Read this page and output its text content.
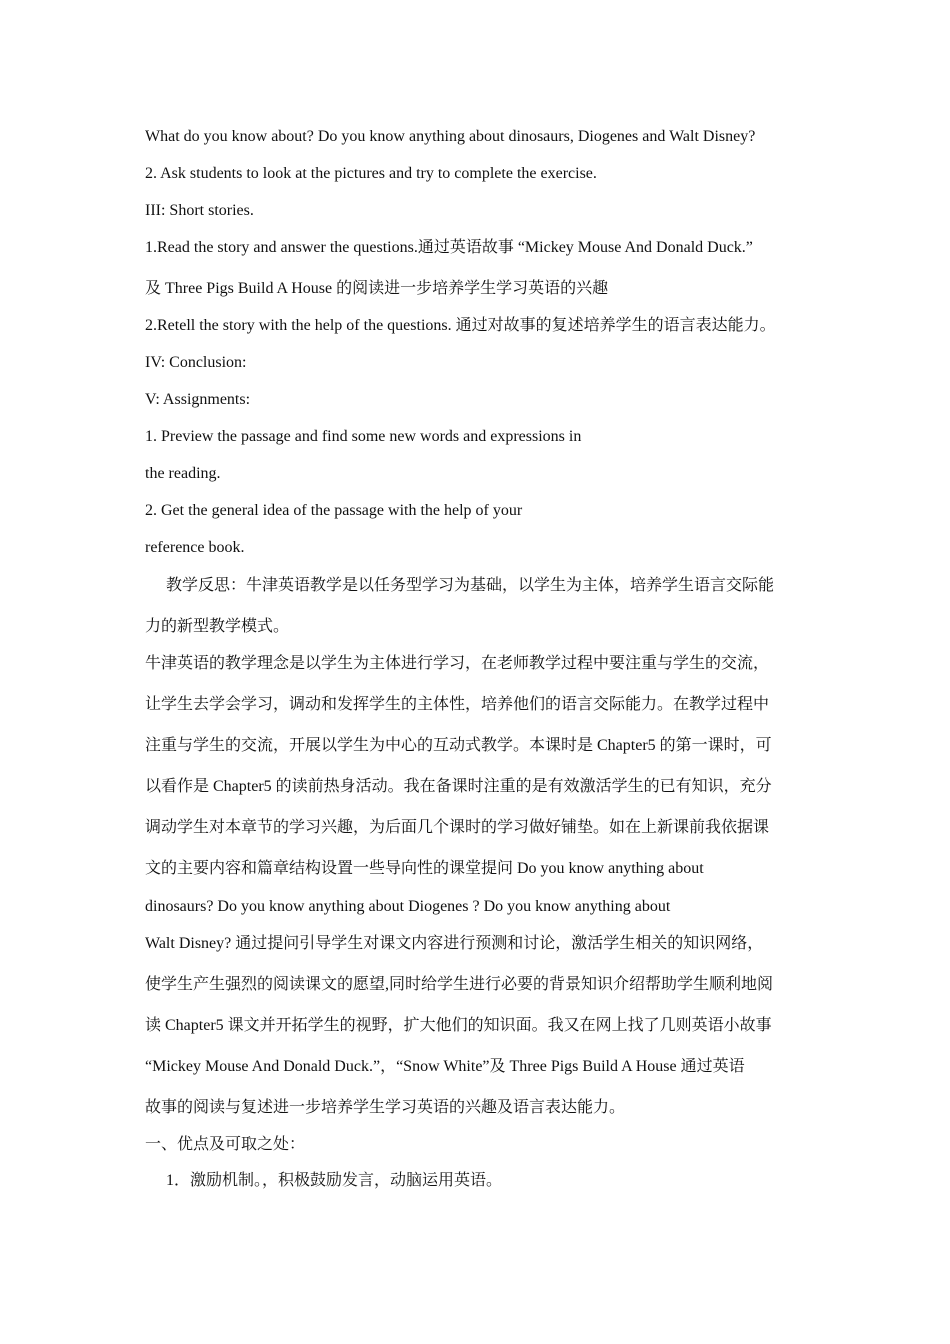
What do you know about? Do you know anything about dinosaurs, Diogenes and Walt Disney?
2. Ask students to look at the pictures and try to complete the exercise.
III: Short stories.
1.Read the story and answer the questions.通过英语故事 “Mickey Mouse And Donald Duck.”
及 Three Pigs Build A House 的阅读进一步培养学生学习英语的兴趣
2.Retell the story with the help of the questions. 通过对故事的复述培养学生的语言表达能力。
IV: Conclusion:
V: Assignments:
1. Preview the passage and find some new words and expressions in
the reading.
2. Get the general idea of the passage with the help of your
reference book.
教学反思：牛津英语教学是以任务型学习为基础，以学生为主体，培养学生语言交际能
力的新型教学模式。
牛津英语的教学理念是以学生为主体进行学习，在老师教学过程中要注重与学生的交流，
让学生去学会学习，调动和发挥学生的主体性，培养他们的语言交际能力。在教学过程中
注重与学生的交流，开展以学生为中心的互动式教学。本课时是 Chapter5 的第一课时，可
以看作是 Chapter5 的读前热身活动。我在备课时注重的是有效激活学生的已有知识，充分
调动学生对本章节的学习兴趣，为后面几个课时的学习做好铺垫。如在上新课前我依据课
文的主要内容和篇章结构设置一些导向性的课堂提问 Do you know anything about
dinosaurs? Do you know anything about Diogenes ? Do you know anything about
Walt Disney? 通过提问引导学生对课文内容进行预测和讨论，激活学生相关的知识网络，
使学生产生强烈的阅读课文的愿望,同时给学生进行必要的背景知识介绍帮助学生顺利地阅
读 Chapter5 课文并开拓学生的视野，扩大他们的知识面。我又在网上找了几则英语小故事
“Mickey Mouse And Donald Duck.”，“Snow White”及 Three Pigs Build A House 通过英语
故事的阅读与复述进一步培养学生学习英语的兴趣及语言表达能力。
一、优点及可取之处：
1．激励机制。，积极鼓励发言，动脑运用英语。
